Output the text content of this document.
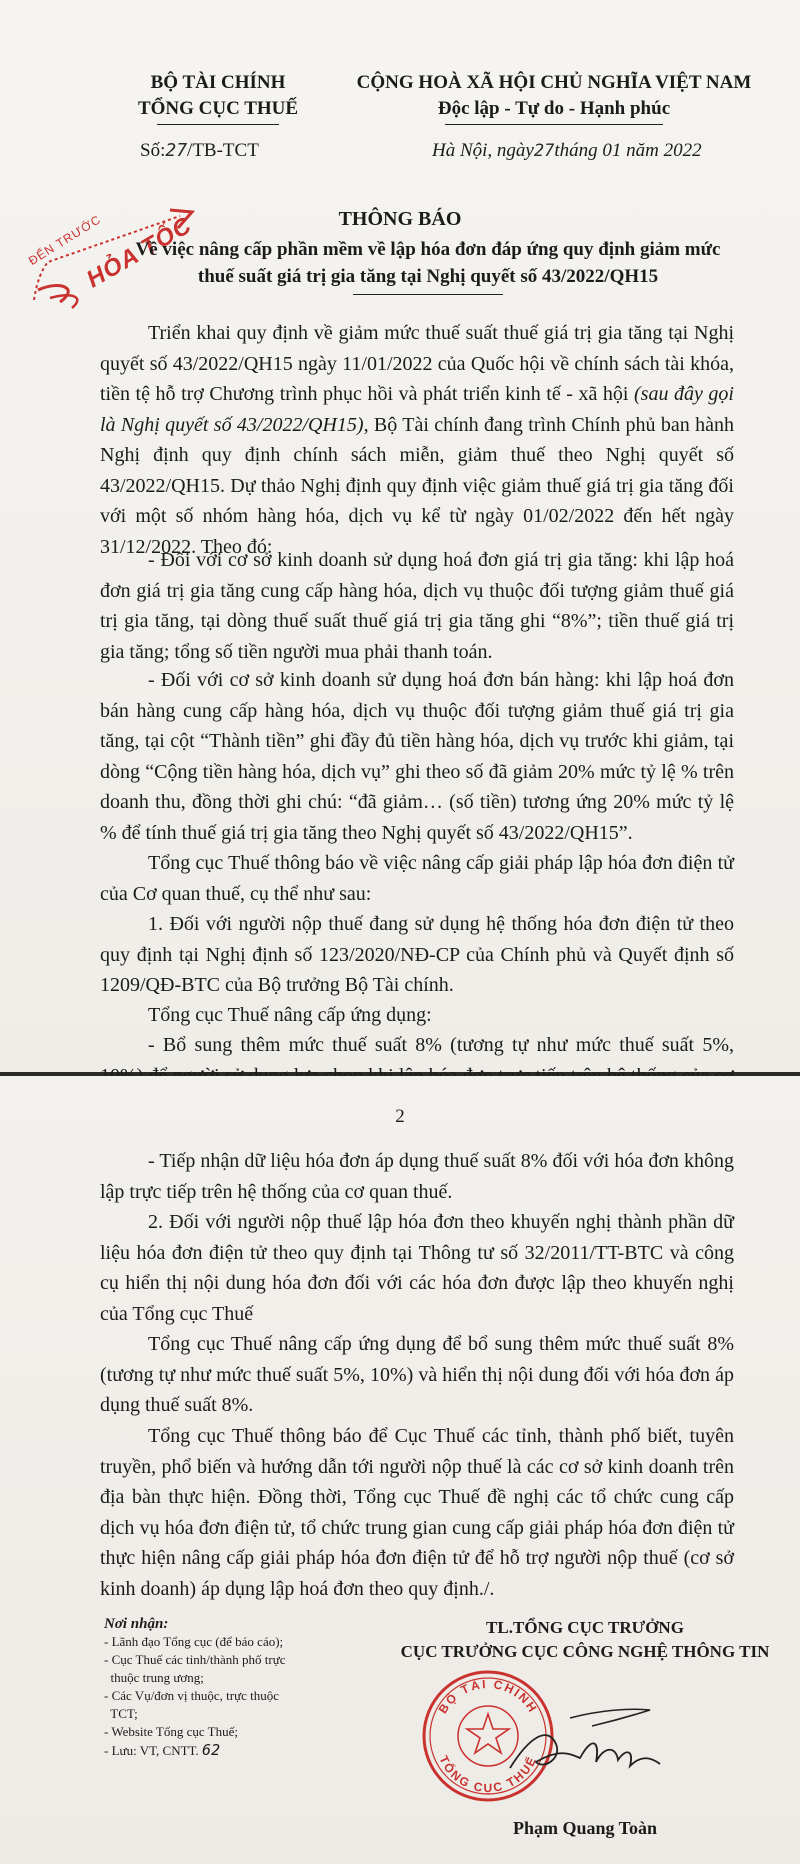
BỘ TÀI CHÍNH
TỔNG CỤC THUẾ
CỘNG HOÀ XÃ HỘI CHỦ NGHĨA VIỆT NAM
Độc lập - Tự do - Hạnh phúc
Số:27/TB-TCT	Hà Nội, ngày27tháng 01 năm 2022
ĐẾN TRƯỚC
HỎA TỐC	THÔNG BÁO
Về việc nâng cấp phần mềm về lập hóa đơn đáp ứng quy định giảm mức
thuế suất giá trị gia tăng tại Nghị quyết số 43/2022/QH15
Triển khai quy định về giảm mức thuế suất thuế giá trị gia tăng tại Nghị quyết số 43/2022/QH15 ngày 11/01/2022 của Quốc hội về chính sách tài khóa, tiền tệ hỗ trợ Chương trình phục hồi và phát triển kinh tế - xã hội (sau đây gọi là Nghị quyết số 43/2022/QH15), Bộ Tài chính đang trình Chính phủ ban hành Nghị định quy định chính sách miễn, giảm thuế theo Nghị quyết số 43/2022/QH15. Dự thảo Nghị định quy định việc giảm thuế giá trị gia tăng đối với một số nhóm hàng hóa, dịch vụ kể từ ngày 01/02/2022 đến hết ngày 31/12/2022. Theo đó:
- Đối với cơ sở kinh doanh sử dụng hoá đơn giá trị gia tăng: khi lập hoá đơn giá trị gia tăng cung cấp hàng hóa, dịch vụ thuộc đối tượng giảm thuế giá trị gia tăng, tại dòng thuế suất thuế giá trị gia tăng ghi “8%”; tiền thuế giá trị gia tăng; tổng số tiền người mua phải thanh toán.
- Đối với cơ sở kinh doanh sử dụng hoá đơn bán hàng: khi lập hoá đơn bán hàng cung cấp hàng hóa, dịch vụ thuộc đối tượng giảm thuế giá trị gia tăng, tại cột “Thành tiền” ghi đầy đủ tiền hàng hóa, dịch vụ trước khi giảm, tại dòng “Cộng tiền hàng hóa, dịch vụ” ghi theo số đã giảm 20% mức tỷ lệ % trên doanh thu, đồng thời ghi chú: “đã giảm… (số tiền) tương ứng 20% mức tỷ lệ % để tính thuế giá trị gia tăng theo Nghị quyết số 43/2022/QH15”.
Tổng cục Thuế thông báo về việc nâng cấp giải pháp lập hóa đơn điện tử của Cơ quan thuế, cụ thể như sau:
1. Đối với người nộp thuế đang sử dụng hệ thống hóa đơn điện tử theo quy định tại Nghị định số 123/2020/NĐ-CP của Chính phủ và Quyết định số 1209/QĐ-BTC của Bộ trưởng Bộ Tài chính.
Tổng cục Thuế nâng cấp ứng dụng:
- Bổ sung thêm mức thuế suất 8% (tương tự như mức thuế suất 5%,
2
- Tiếp nhận dữ liệu hóa đơn áp dụng thuế suất 8% đối với hóa đơn không lập trực tiếp trên hệ thống của cơ quan thuế.
2. Đối với người nộp thuế lập hóa đơn theo khuyến nghị thành phần dữ liệu hóa đơn điện tử theo quy định tại Thông tư số 32/2011/TT-BTC và công cụ hiển thị nội dung hóa đơn đối với các hóa đơn được lập theo khuyến nghị của Tổng cục Thuế
Tổng cục Thuế nâng cấp ứng dụng để bổ sung thêm mức thuế suất 8% (tương tự như mức thuế suất 5%, 10%) và hiển thị nội dung đối với hóa đơn áp dụng thuế suất 8%.
Tổng cục Thuế thông báo để Cục Thuế các tỉnh, thành phố biết, tuyên truyền, phổ biến và hướng dẫn tới người nộp thuế là các cơ sở kinh doanh trên địa bàn thực hiện. Đồng thời, Tổng cục Thuế đề nghị các tổ chức cung cấp dịch vụ hóa đơn điện tử, tổ chức trung gian cung cấp giải pháp hóa đơn điện tử thực hiện nâng cấp giải pháp hóa đơn điện tử để hỗ trợ người nộp thuế (cơ sở kinh doanh) áp dụng lập hoá đơn theo quy định./.
Nơi nhận:
- Lãnh đạo Tổng cục (để báo cáo);
- Cục Thuế các tỉnh/thành phố trực
thuộc trung ương;
- Các Vụ/đơn vị thuộc, trực thuộc
TCT;
- Website Tổng cục Thuế;
- Lưu: VT, CNTT. 62
TL.TỔNG CỤC TRƯỞNG
CỤC TRƯỞNG CỤC CÔNG NGHỆ THÔNG TIN
BỘ TÀI CHÍNH
TỔNG CỤC THUẾ
Phạm Quang Toàn
